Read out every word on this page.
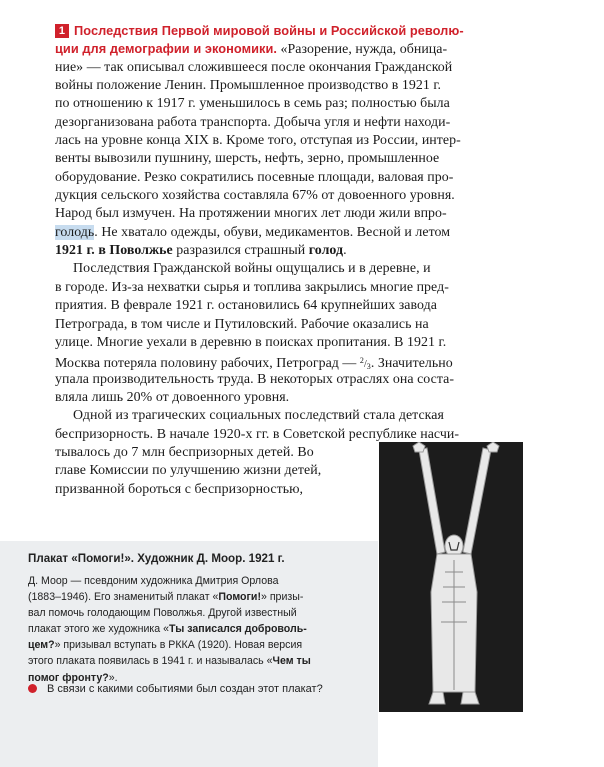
1 Последствия Первой мировой войны и Российской револю-
ции для демографии и экономики. «Разорение, нужда, обница-
ние» — так описывал сложившееся после окончания Гражданской
войны положение Ленин. Промышленное производство в 1921 г.
по отношению к 1917 г. уменьшилось в семь раз; полностью была
дезорганизована работа транспорта. Добыча угля и нефти находи-
лась на уровне конца XIX в. Кроме того, отступая из России, интер-
венты вывозили пушнину, шерсть, нефть, зерно, промышленное
оборудование. Резко сократились посевные площади, валовая про-
дукция сельского хозяйства составляла 67% от довоенного уровня.
Народ был измучен. На протяжении многих лет люди жили впро-
голодь. Не хватало одежды, обуви, медикаментов. Весной и летом
1921 г. в Поволжье разразился страшный голод.
Последствия Гражданской войны ощущались и в деревне, и
в городе. Из-за нехватки сырья и топлива закрылись многие пред-
приятия. В феврале 1921 г. остановились 64 крупнейших завода
Петрограда, в том числе и Путиловский. Рабочие оказались на
улице. Многие уехали в деревню в поисках пропитания. В 1921 г.
Москва потеряла половину рабочих, Петроград — $^2/_3$. Значительно
упала производительность труда. В некоторых отраслях она соста-
вляла лишь 20% от довоенного уровня.
Одной из трагических социальных последствий стала детская
беспризорность. В начале 1920-х гг. в Советской республике насчи-
тывалось до 7 млн беспризорных детей. Во
главе Комиссии по улучшению жизни детей,
призванной бороться с беспризорностью,
Плакат «Помоги!». Художник Д. Моор. 1921 г.
Д. Моор — псевдоним художника Дмитрия Орлова
(1883–1946). Его знаменитый плакат «Помоги!» призы-
вал помочь голодающим Поволжья. Другой известный
плакат этого же художника «Ты записался доброволь-
цем?» призывал вступать в РККА (1920). Новая версия
этого плаката появилась в 1941 г. и называлась «Чем ты
помог фронту?».
В связи с какими событиями был создан этот плакат?
